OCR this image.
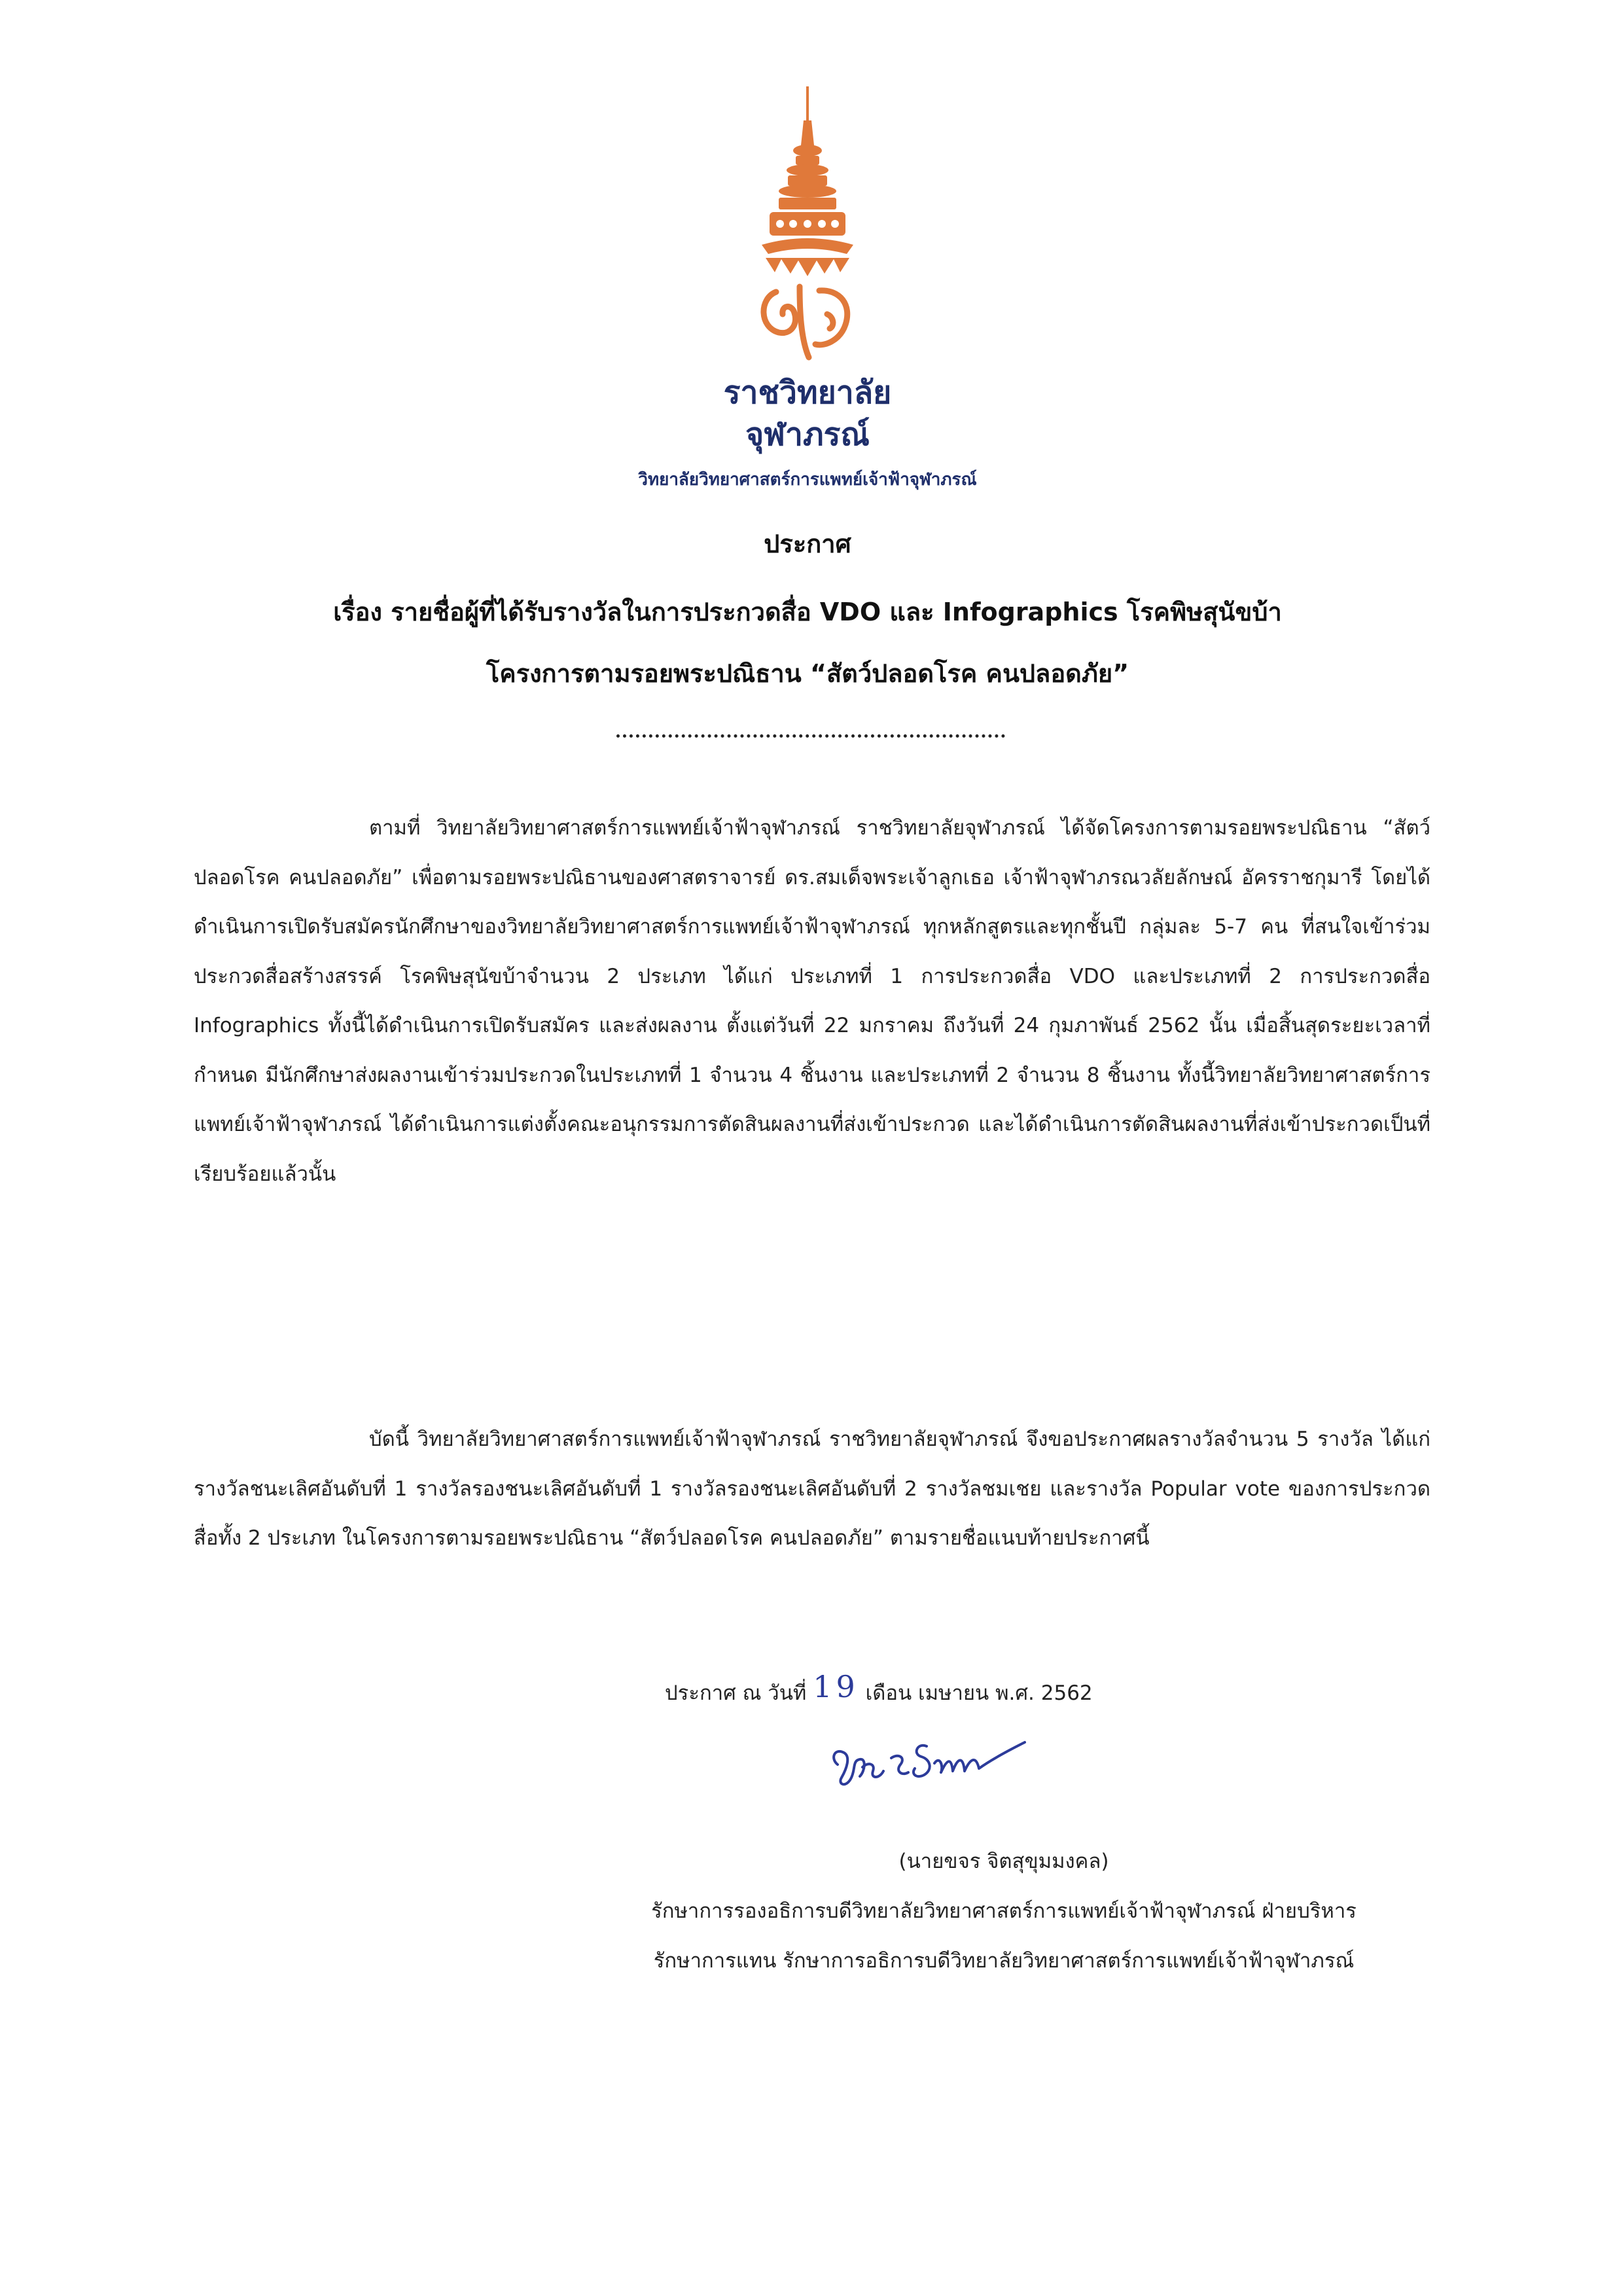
ราชวิทยาลัย
จุฬาภรณ์
วิทยาลัยวิทยาศาสตร์การแพทย์เจ้าฟ้าจุฬาภรณ์
ประกาศ
เรื่อง รายชื่อผู้ที่ได้รับรางวัลในการประกวดสื่อ VDO และ Infographics โรคพิษสุนัขบ้า
โครงการตามรอยพระปณิธาน “สัตว์ปลอดโรค คนปลอดภัย”

ตามที่ วิทยาลัยวิทยาศาสตร์การแพทย์เจ้าฟ้าจุฬาภรณ์ ราชวิทยาลัยจุฬาภรณ์ ได้จัดโครงการตามรอยพระปณิธาน “สัตว์ปลอดโรค คนปลอดภัย” เพื่อตามรอยพระปณิธานของศาสตราจารย์ ดร.สมเด็จพระเจ้าลูกเธอ เจ้าฟ้าจุฬาภรณวลัยลักษณ์ อัครราชกุมารี โดยได้ดำเนินการเปิดรับสมัครนักศึกษาของวิทยาลัยวิทยาศาสตร์การแพทย์เจ้าฟ้าจุฬาภรณ์ ทุกหลักสูตรและทุกชั้นปี กลุ่มละ 5-7 คน ที่สนใจเข้าร่วมประกวดสื่อสร้างสรรค์ โรคพิษสุนัขบ้าจำนวน 2 ประเภท ได้แก่ ประเภทที่ 1 การประกวดสื่อ VDO และประเภทที่ 2 การประกวดสื่อ Infographics ทั้งนี้ได้ดำเนินการเปิดรับสมัคร และส่งผลงาน ตั้งแต่วันที่ 22 มกราคม ถึงวันที่ 24 กุมภาพันธ์ 2562 นั้น เมื่อสิ้นสุดระยะเวลาที่กำหนด มีนักศึกษาส่งผลงานเข้าร่วมประกวดในประเภทที่ 1 จำนวน 4 ชิ้นงาน และประเภทที่ 2 จำนวน 8 ชิ้นงาน ทั้งนี้วิทยาลัยวิทยาศาสตร์การแพทย์เจ้าฟ้าจุฬาภรณ์ ได้ดำเนินการแต่งตั้งคณะอนุกรรมการตัดสินผลงานที่ส่งเข้าประกวด และได้ดำเนินการตัดสินผลงานที่ส่งเข้าประกวดเป็นที่เรียบร้อยแล้วนั้น

บัดนี้ วิทยาลัยวิทยาศาสตร์การแพทย์เจ้าฟ้าจุฬาภรณ์ ราชวิทยาลัยจุฬาภรณ์ จึงขอประกาศผลรางวัลจำนวน 5 รางวัล ได้แก่ รางวัลชนะเลิศอันดับที่ 1 รางวัลรองชนะเลิศอันดับที่ 1 รางวัลรองชนะเลิศอันดับที่ 2 รางวัลชมเชย และรางวัล Popular vote ของการประกวดสื่อทั้ง 2 ประเภท ในโครงการตามรอยพระปณิธาน “สัตว์ปลอดโรค คนปลอดภัย” ตามรายชื่อแนบท้ายประกาศนี้

ประกาศ ณ วันที่ 19 เดือน เมษายน พ.ศ. 2562
(นายขจร จิตสุขุมมงคล)
รักษาการรองอธิการบดีวิทยาลัยวิทยาศาสตร์การแพทย์เจ้าฟ้าจุฬาภรณ์ ฝ่ายบริหาร
รักษาการแทน รักษาการอธิการบดีวิทยาลัยวิทยาศาสตร์การแพทย์เจ้าฟ้าจุฬาภรณ์
